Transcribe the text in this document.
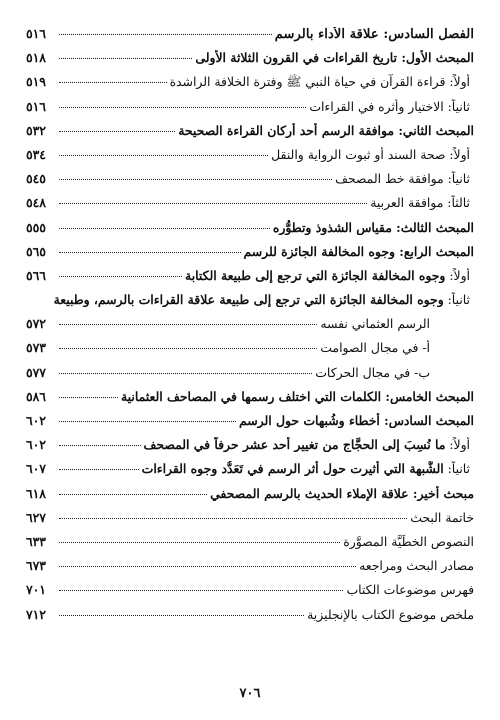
الفصل السادس: علاقة الأداء بالرسم
٥١٦
المبحث الأول: تاريخ القراءات في القرون الثلاثة الأولى
٥١٨
أولاً: قراءة القرآن في حياة النبي ﷺ وفترة الخلافة الراشدة
٥١٩
ثانياً: الاختيار وأثره في القراءات
٥١٦
المبحث الثاني: موافقة الرسم أحد أركان القراءة الصحيحة
٥٣٢
أولاً: صحة السند أو ثبوت الرواية والنقل
٥٣٤
ثانياً: موافقة خط المصحف
٥٤٥
ثالثاً: موافقة العربية
٥٤٨
المبحث الثالث: مقياس الشذوذ وتطوُّره
٥٥٥
المبحث الرابع: وجوه المخالفة الجائزة للرسم
٥٦٥
أولاً: وجوه المخالفة الجائزة التي ترجع إلى طبيعة الكتابة
٥٦٦
ثانياً: وجوه المخالفة الجائزة التي ترجع إلى طبيعة علاقة القراءات بالرسم، وطبيعة
الرسم العثماني نفسه
٥٧٢
أ- في مجال الصوامت
٥٧٣
ب- في مجال الحركات
٥٧٧
المبحث الخامس: الكلمات التي اختلف رسمها في المصاحف العثمانية
٥٨٦
المبحث السادس: أخطاء وشُبهات حول الرسم
٦٠٢
أولاً: ما نُسِبَ إلى الحجَّاج من تغيير أحد عشر حرفاً في المصحف
٦٠٢
ثانياً: الشُّبهة التي أُثيرت حول أثر الرسم في تَعَدُّد وجوه القراءات
٦٠٧
مبحث أخير: علاقة الإملاء الحديث بالرسم المصحفي
٦١٨
خاتمة البحث
٦٢٧
النصوص الخطِّيَّة المصوَّرة
٦٣٣
مصادر البحث ومراجعه
٦٧٣
فهرس موضوعات الكتاب
٧٠١
ملخص موضوع الكتاب بالإنجليزية
٧١٢
٧٠٦
